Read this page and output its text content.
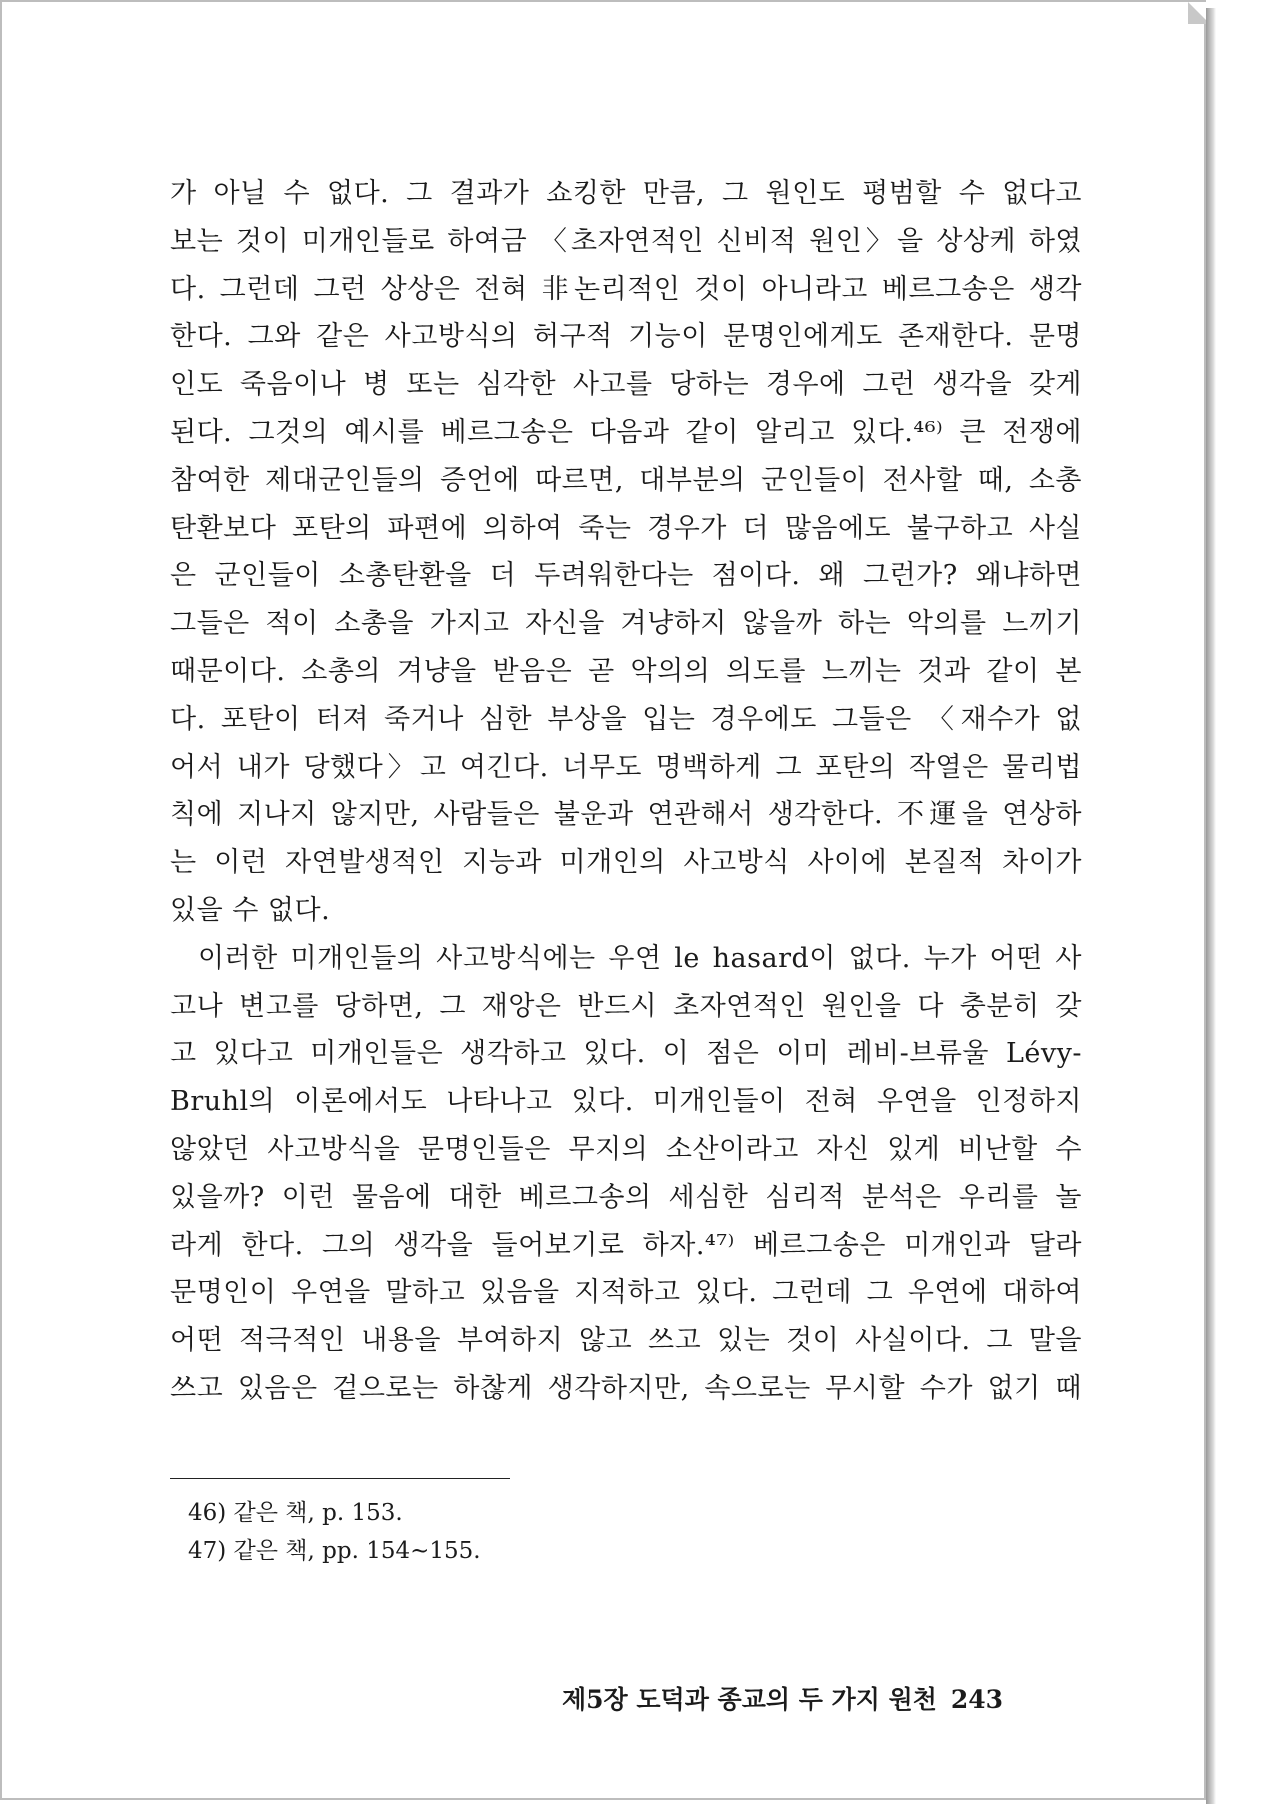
가 아닐 수 없다. 그 결과가 쇼킹한 만큼, 그 원인도 평범할 수 없다고
보는 것이 미개인들로 하여금 〈초자연적인 신비적 원인〉을 상상케 하였
다. 그런데 그런 상상은 전혀 非논리적인 것이 아니라고 베르그송은 생각
한다. 그와 같은 사고방식의 허구적 기능이 문명인에게도 존재한다. 문명
인도 죽음이나 병 또는 심각한 사고를 당하는 경우에 그런 생각을 갖게
된다. 그것의 예시를 베르그송은 다음과 같이 알리고 있다.⁴⁶⁾ 큰 전쟁에
참여한 제대군인들의 증언에 따르면, 대부분의 군인들이 전사할 때, 소총
탄환보다 포탄의 파편에 의하여 죽는 경우가 더 많음에도 불구하고 사실
은 군인들이 소총탄환을 더 두려워한다는 점이다. 왜 그런가? 왜냐하면
그들은 적이 소총을 가지고 자신을 겨냥하지 않을까 하는 악의를 느끼기
때문이다. 소총의 겨냥을 받음은 곧 악의의 의도를 느끼는 것과 같이 본
다. 포탄이 터져 죽거나 심한 부상을 입는 경우에도 그들은 〈재수가 없
어서 내가 당했다〉고 여긴다. 너무도 명백하게 그 포탄의 작열은 물리법
칙에 지나지 않지만, 사람들은 불운과 연관해서 생각한다. 不運을 연상하
는 이런 자연발생적인 지능과 미개인의 사고방식 사이에 본질적 차이가
있을 수 없다.
이러한 미개인들의 사고방식에는 우연 le hasard이 없다. 누가 어떤 사
고나 변고를 당하면, 그 재앙은 반드시 초자연적인 원인을 다 충분히 갖
고 있다고 미개인들은 생각하고 있다. 이 점은 이미 레비-브류울 Lévy-
Bruhl의 이론에서도 나타나고 있다. 미개인들이 전혀 우연을 인정하지
않았던 사고방식을 문명인들은 무지의 소산이라고 자신 있게 비난할 수
있을까? 이런 물음에 대한 베르그송의 세심한 심리적 분석은 우리를 놀
라게 한다. 그의 생각을 들어보기로 하자.⁴⁷⁾ 베르그송은 미개인과 달라
문명인이 우연을 말하고 있음을 지적하고 있다. 그런데 그 우연에 대하여
어떤 적극적인 내용을 부여하지 않고 쓰고 있는 것이 사실이다. 그 말을
쓰고 있음은 겉으로는 하찮게 생각하지만, 속으로는 무시할 수가 없기 때
46) 같은 책, p. 153.
47) 같은 책, pp. 154∼155.
제5장 도덕과 종교의 두 가지 원천 243
